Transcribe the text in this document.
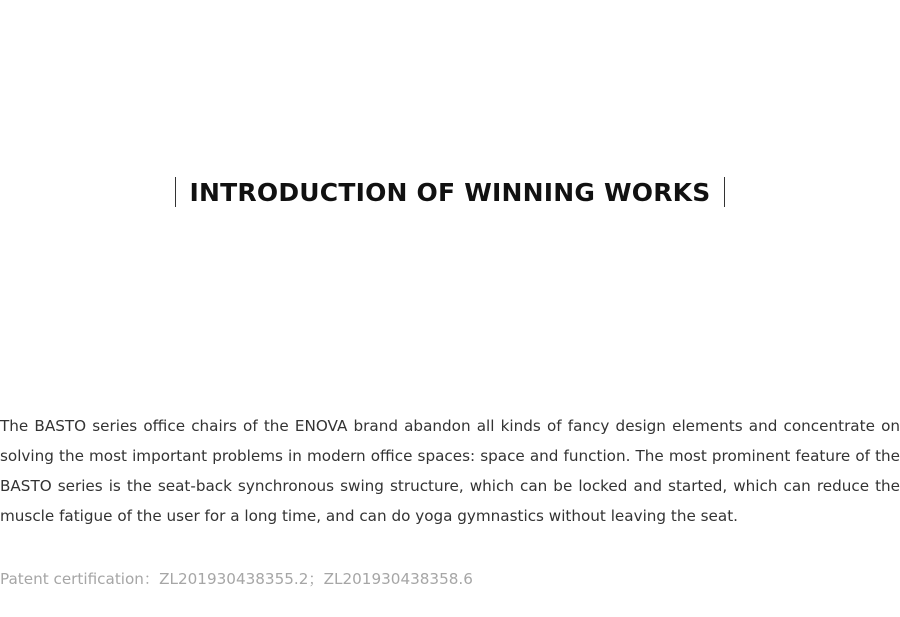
INTRODUCTION OF WINNING WORKS

The BASTO series office chairs of the ENOVA brand abandon all kinds of fancy design elements and concentrate on solving the most important problems in modern office spaces: space and function. The most prominent feature of the BASTO series is the seat-back synchronous swing structure, which can be locked and started, which can reduce the muscle fatigue of the user for a long time, and can do yoga gymnastics without leaving the seat.

Patent certification：ZL201930438355.2；ZL201930438358.6
